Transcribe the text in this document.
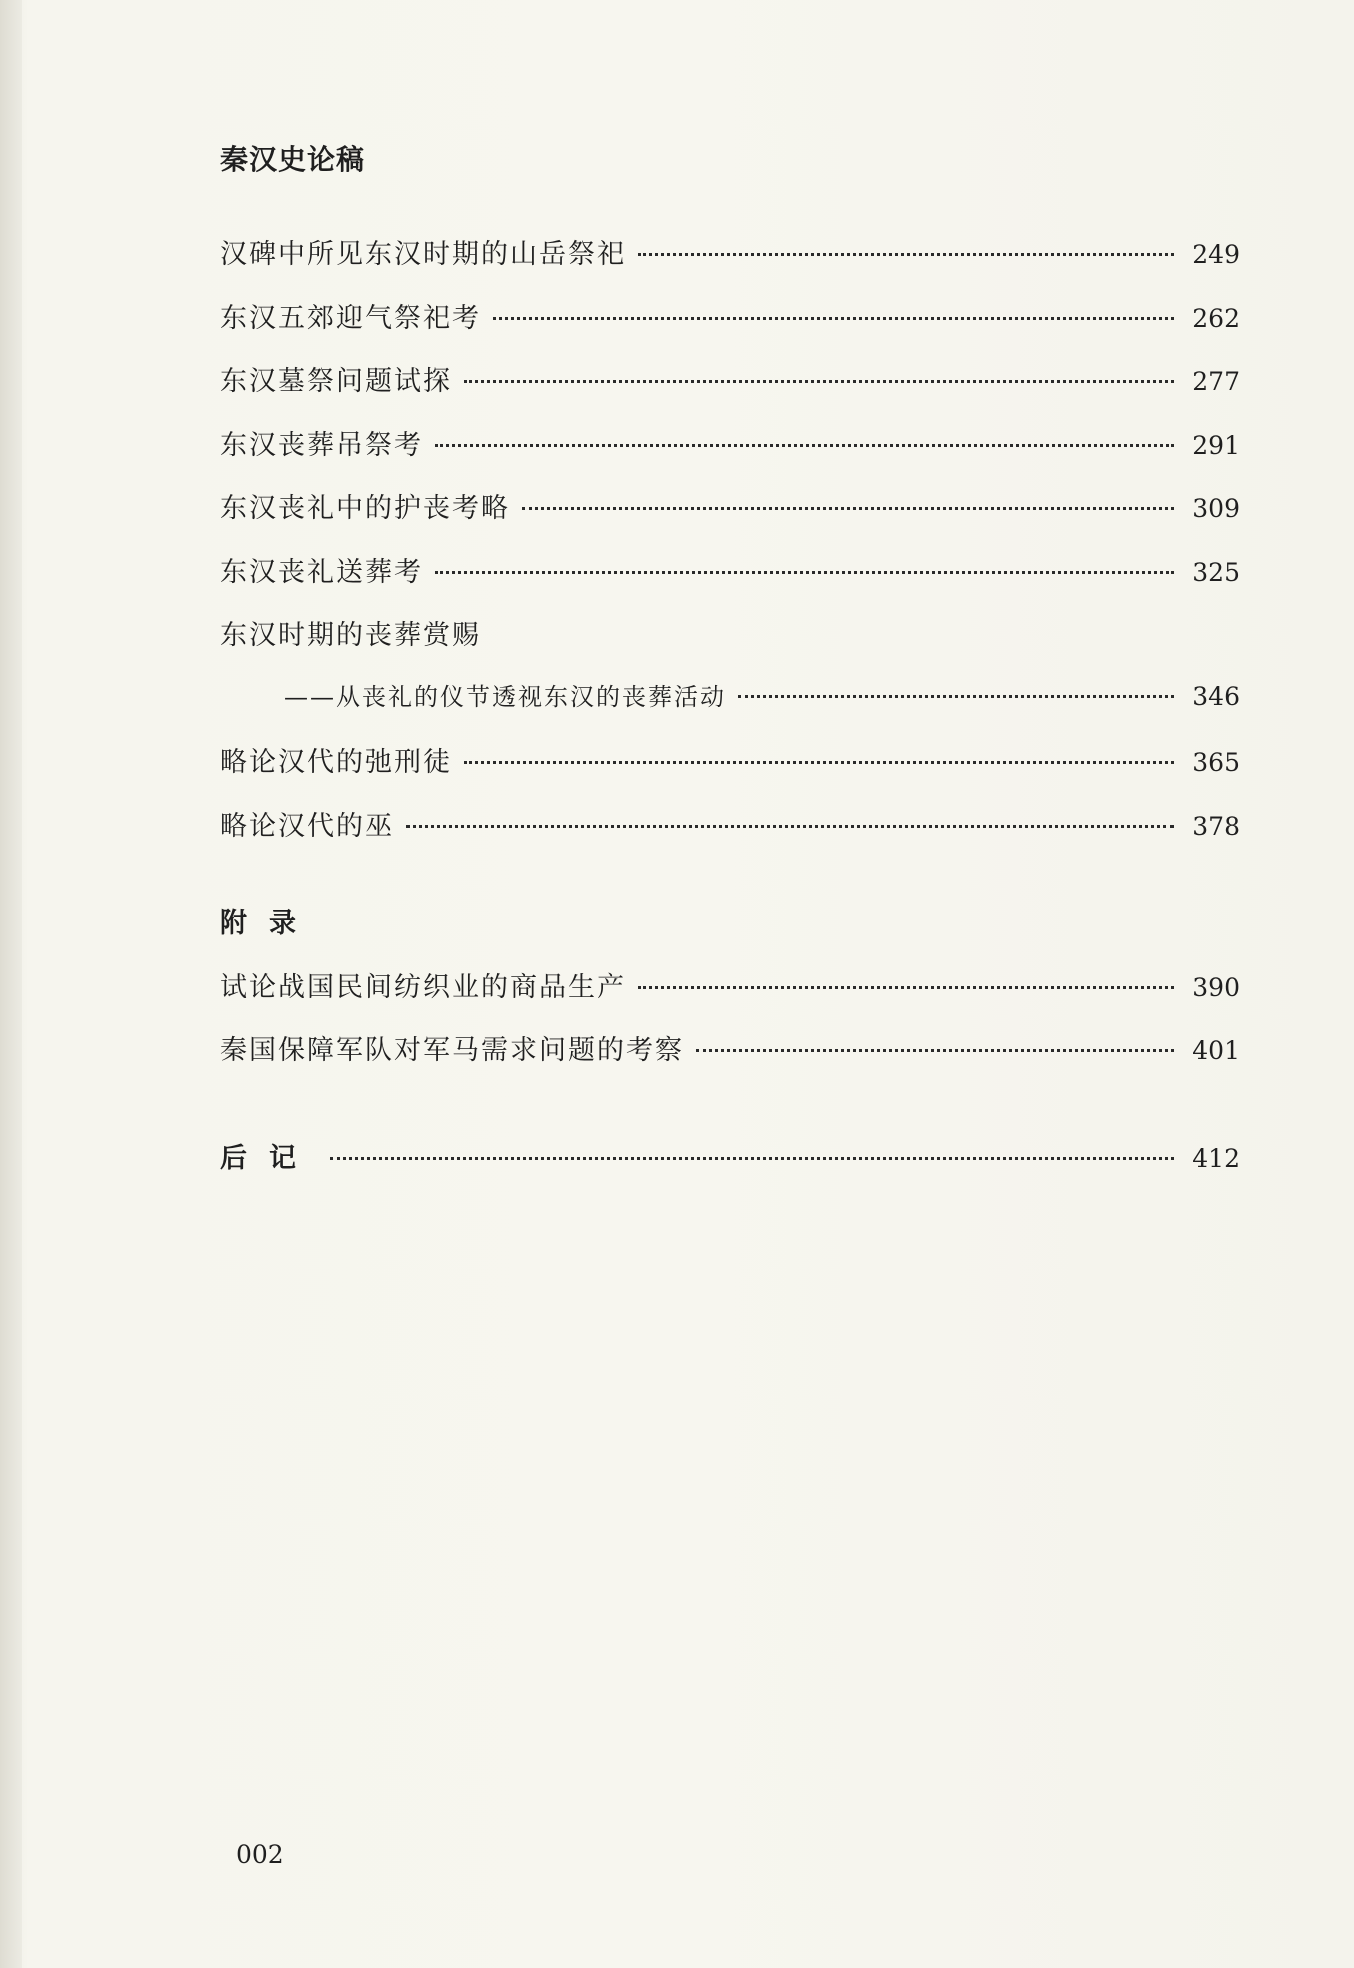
秦汉史论稿
汉碑中所见东汉时期的山岳祭祀	249
东汉五郊迎气祭祀考	262
东汉墓祭问题试探	277
东汉丧葬吊祭考	291
东汉丧礼中的护丧考略	309
东汉丧礼送葬考	325
东汉时期的丧葬赏赐
——从丧礼的仪节透视东汉的丧葬活动	346
略论汉代的弛刑徒	365
略论汉代的巫	378
附录
试论战国民间纺织业的商品生产	390
秦国保障军队对军马需求问题的考察	401
后记	412
002
